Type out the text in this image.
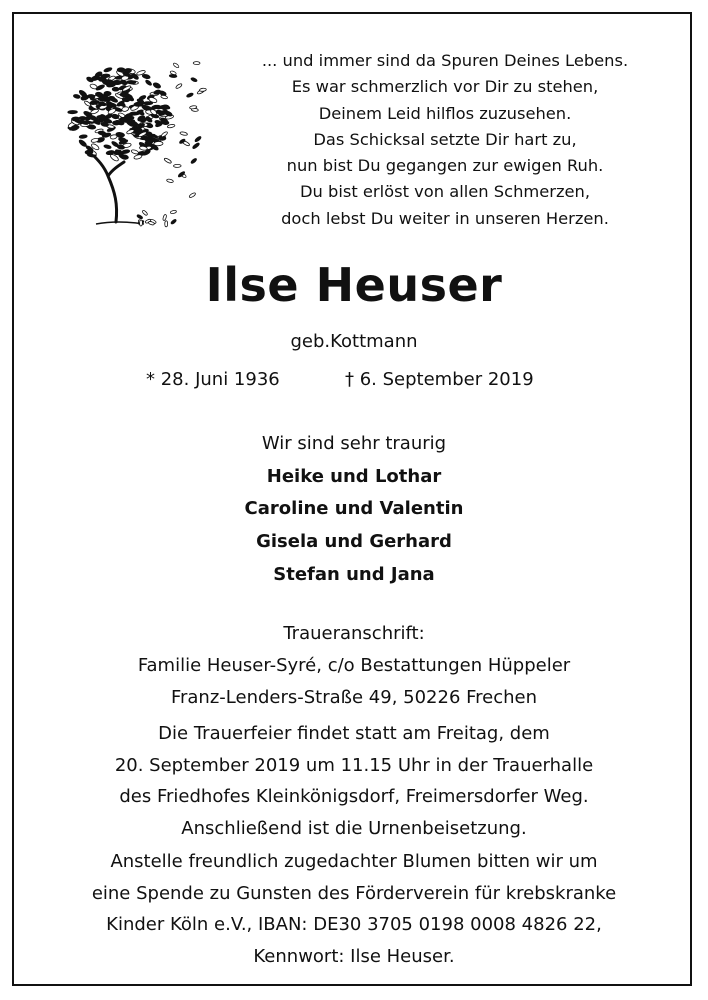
... und immer sind da Spuren Deines Lebens.
Es war schmerzlich vor Dir zu stehen,
Deinem Leid hilflos zuzusehen.
Das Schicksal setzte Dir hart zu,
nun bist Du gegangen zur ewigen Ruh.
Du bist erlöst von allen Schmerzen,
doch lebst Du weiter in unseren Herzen.
Ilse Heuser
geb.Kottmann
* 28. Juni 1936	† 6. September 2019
Wir sind sehr traurig
Heike und Lothar
Caroline und Valentin
Gisela und Gerhard
Stefan und Jana
Traueranschrift:
Familie Heuser-Syré, c/o Bestattungen Hüppeler
Franz-Lenders-Straße 49, 50226 Frechen
Die Trauerfeier findet statt am Freitag, dem
20. September 2019 um 11.15 Uhr in der Trauerhalle
des Friedhofes Kleinkönigsdorf, Freimersdorfer Weg.
Anschließend ist die Urnenbeisetzung.
Anstelle freundlich zugedachter Blumen bitten wir um
eine Spende zu Gunsten des Förderverein für krebskranke
Kinder Köln e.V., IBAN: DE30 3705 0198 0008 4826 22,
Kennwort: Ilse Heuser.
